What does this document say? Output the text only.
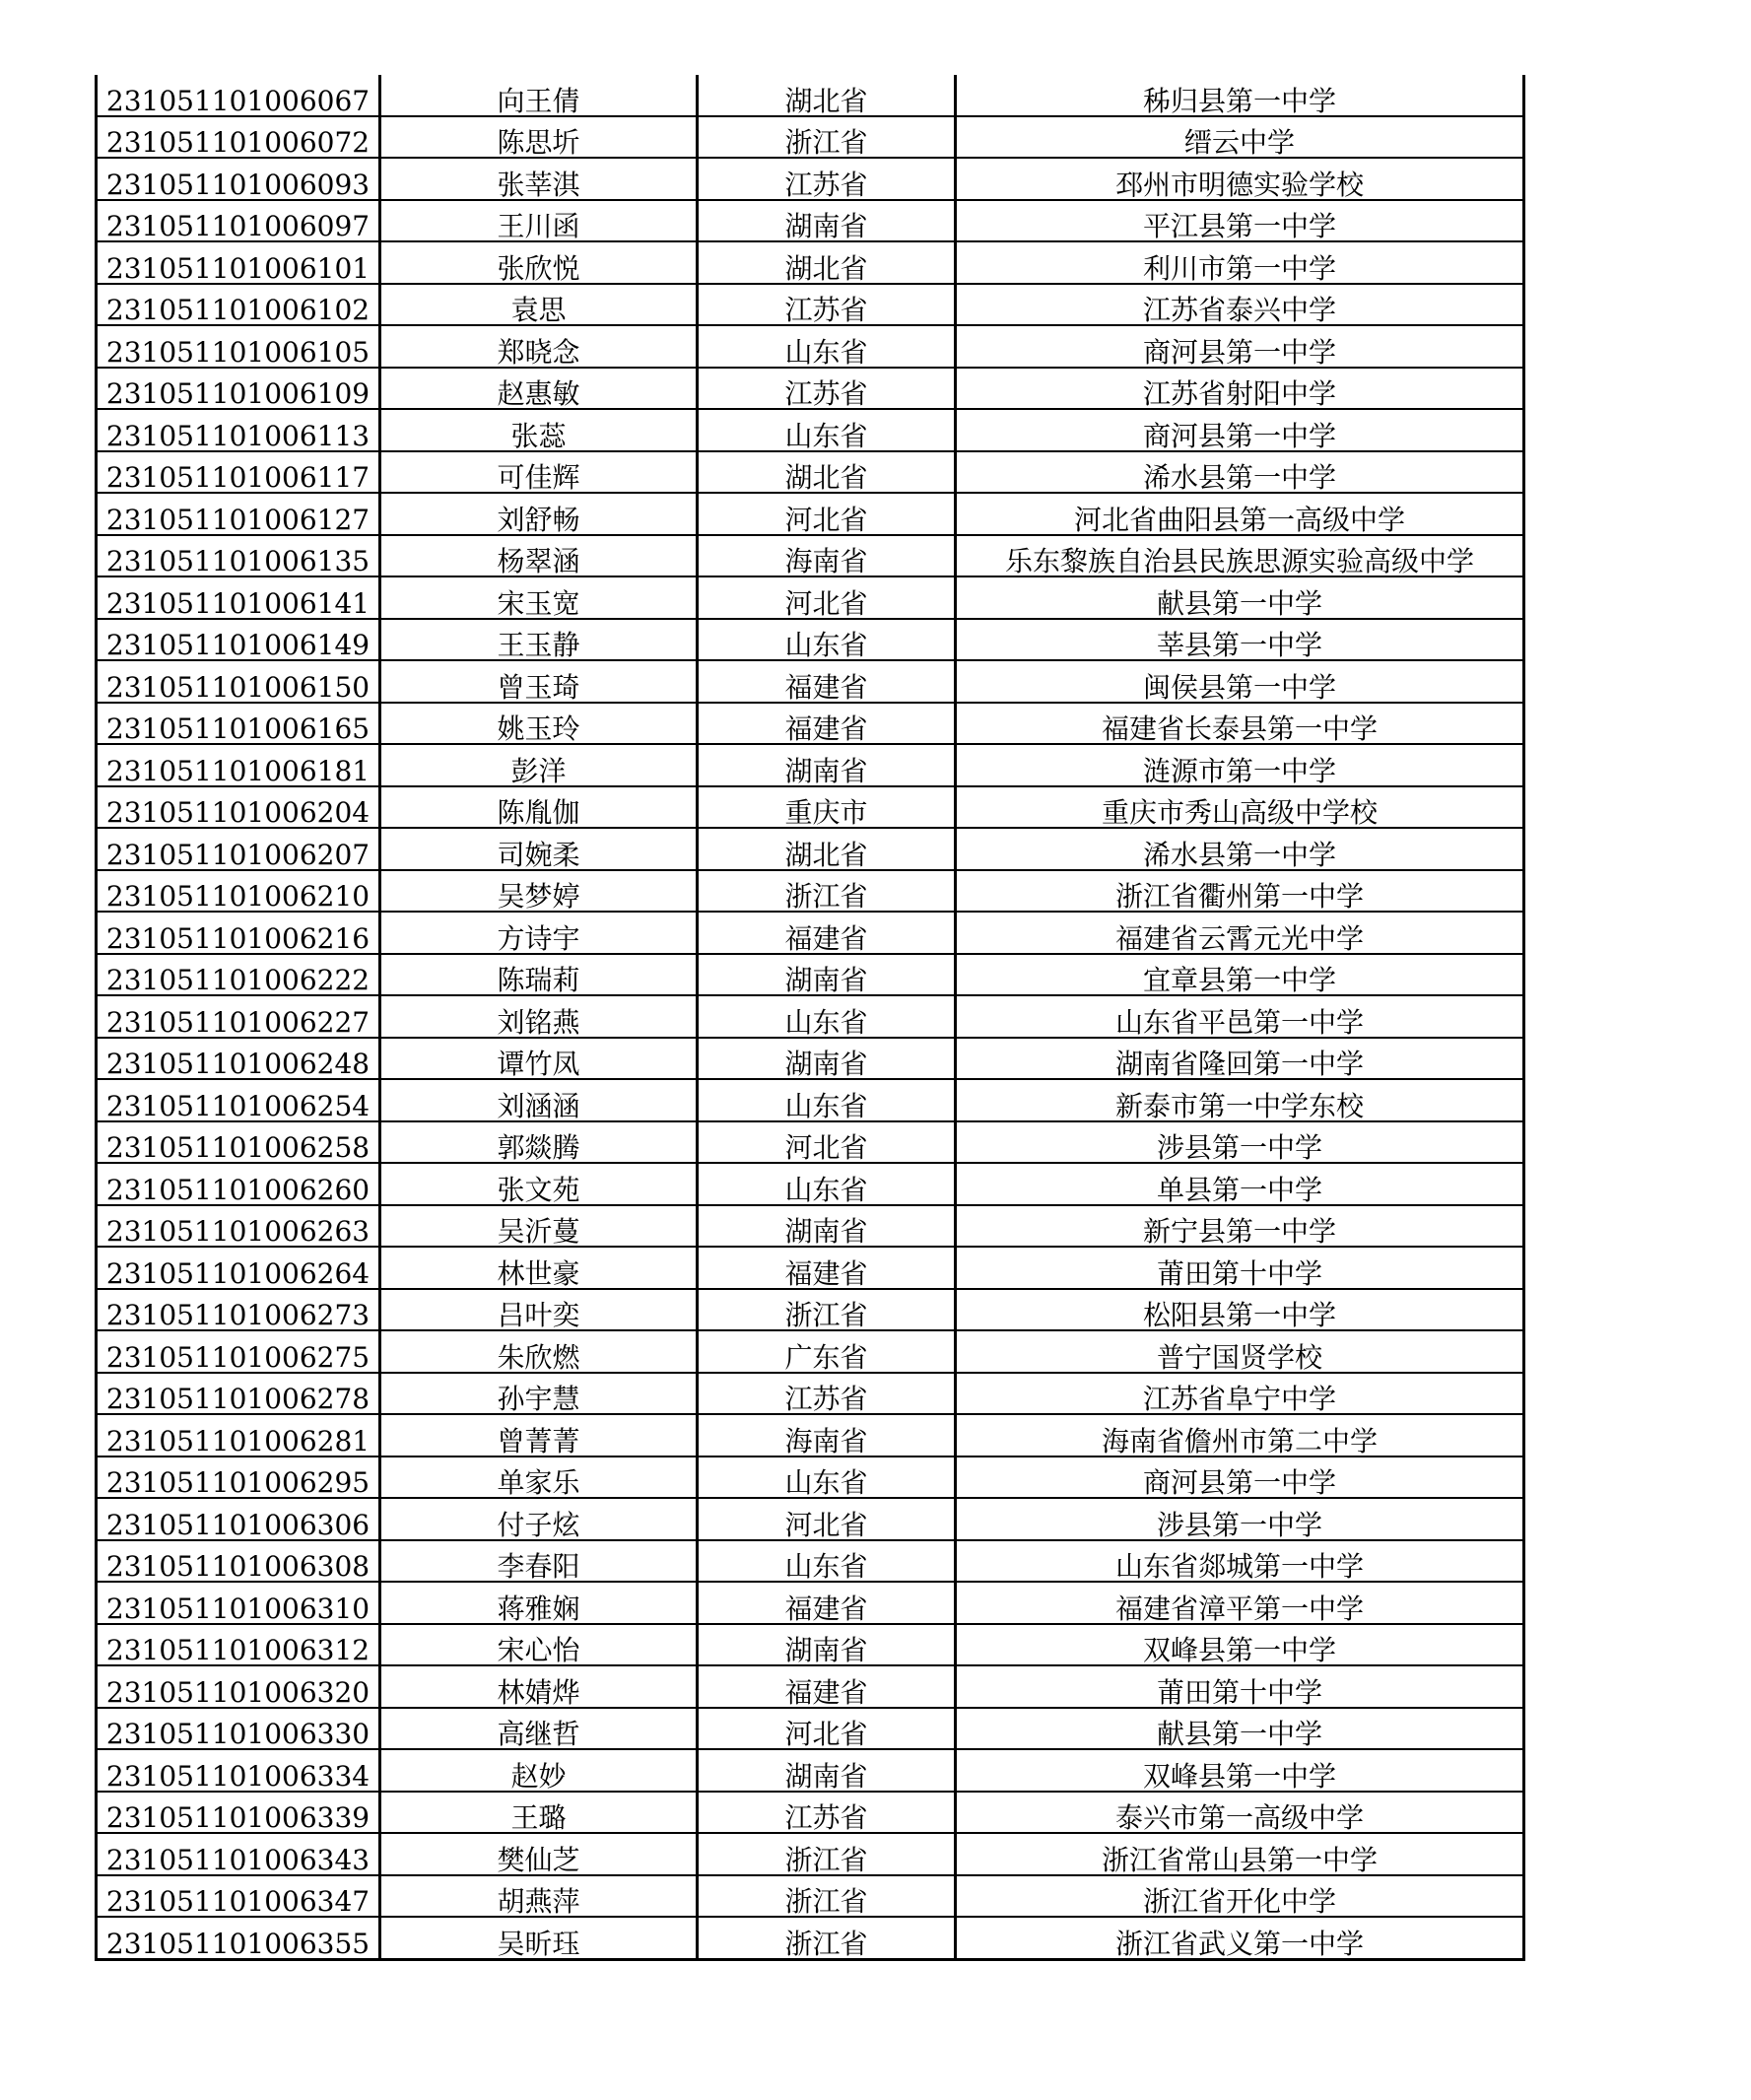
231051101006067	向王倩	湖北省	秭归县第一中学
231051101006072	陈思圻	浙江省	缙云中学
231051101006093	张莘淇	江苏省	邳州市明德实验学校
231051101006097	王川函	湖南省	平江县第一中学
231051101006101	张欣悦	湖北省	利川市第一中学
231051101006102	袁思	江苏省	江苏省泰兴中学
231051101006105	郑晓念	山东省	商河县第一中学
231051101006109	赵惠敏	江苏省	江苏省射阳中学
231051101006113	张蕊	山东省	商河县第一中学
231051101006117	可佳辉	湖北省	浠水县第一中学
231051101006127	刘舒畅	河北省	河北省曲阳县第一高级中学
231051101006135	杨翠涵	海南省	乐东黎族自治县民族思源实验高级中学
231051101006141	宋玉宽	河北省	献县第一中学
231051101006149	王玉静	山东省	莘县第一中学
231051101006150	曾玉琦	福建省	闽侯县第一中学
231051101006165	姚玉玲	福建省	福建省长泰县第一中学
231051101006181	彭洋	湖南省	涟源市第一中学
231051101006204	陈胤伽	重庆市	重庆市秀山高级中学校
231051101006207	司婉柔	湖北省	浠水县第一中学
231051101006210	吴梦婷	浙江省	浙江省衢州第一中学
231051101006216	方诗宇	福建省	福建省云霄元光中学
231051101006222	陈瑞莉	湖南省	宜章县第一中学
231051101006227	刘铭燕	山东省	山东省平邑第一中学
231051101006248	谭竹凤	湖南省	湖南省隆回第一中学
231051101006254	刘涵涵	山东省	新泰市第一中学东校
231051101006258	郭燚腾	河北省	涉县第一中学
231051101006260	张文苑	山东省	单县第一中学
231051101006263	吴沂蔓	湖南省	新宁县第一中学
231051101006264	林世豪	福建省	莆田第十中学
231051101006273	吕叶奕	浙江省	松阳县第一中学
231051101006275	朱欣燃	广东省	普宁国贤学校
231051101006278	孙宇慧	江苏省	江苏省阜宁中学
231051101006281	曾菁菁	海南省	海南省儋州市第二中学
231051101006295	单家乐	山东省	商河县第一中学
231051101006306	付子炫	河北省	涉县第一中学
231051101006308	李春阳	山东省	山东省郯城第一中学
231051101006310	蒋雅娴	福建省	福建省漳平第一中学
231051101006312	宋心怡	湖南省	双峰县第一中学
231051101006320	林婧烨	福建省	莆田第十中学
231051101006330	高继哲	河北省	献县第一中学
231051101006334	赵妙	湖南省	双峰县第一中学
231051101006339	王璐	江苏省	泰兴市第一高级中学
231051101006343	樊仙芝	浙江省	浙江省常山县第一中学
231051101006347	胡燕萍	浙江省	浙江省开化中学
231051101006355	吴昕珏	浙江省	浙江省武义第一中学
